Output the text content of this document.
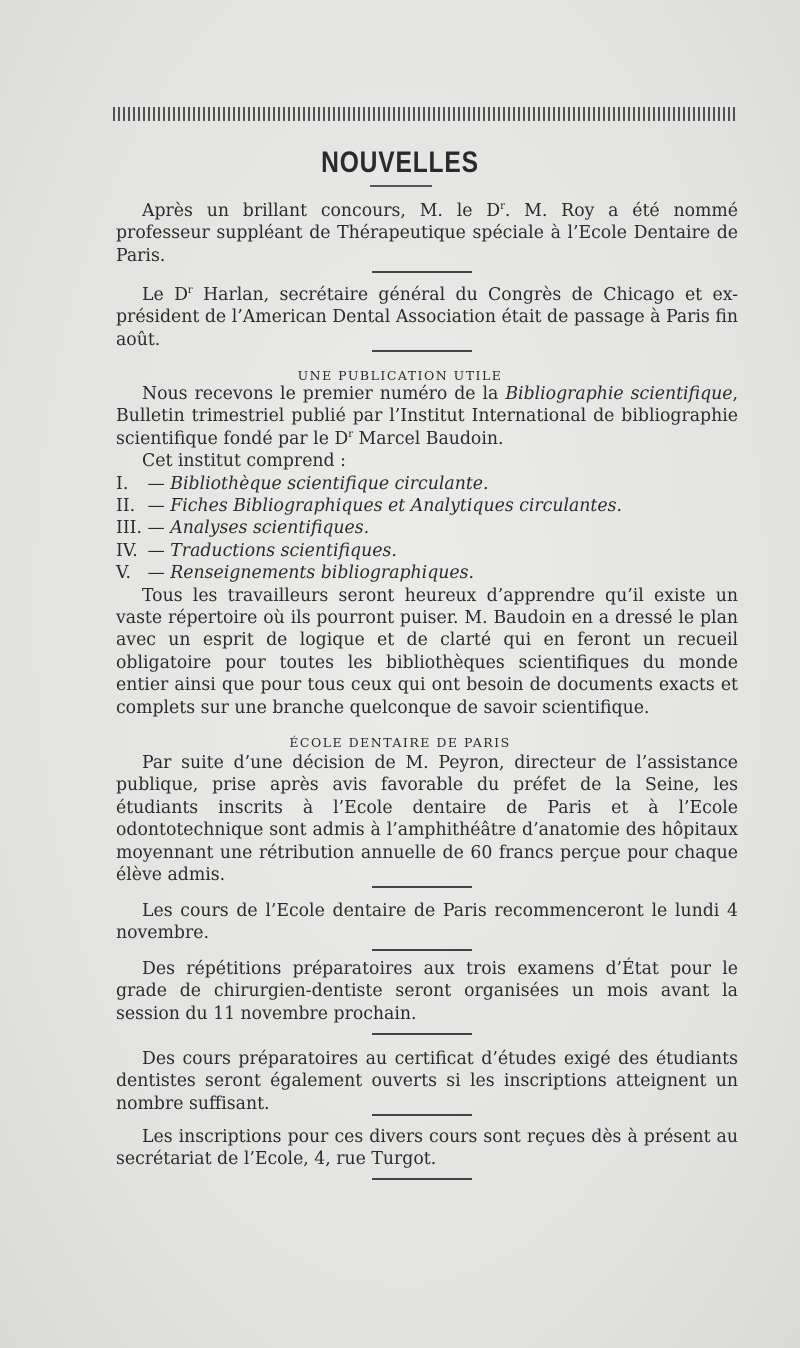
NOUVELLES

Après un brillant concours, M. le $D^r$. M. Roy a été nommé professeur suppléant de Thérapeutique spéciale à l’Ecole Dentaire de Paris.

Le $D^r$ Harlan, secrétaire général du Congrès de Chicago et ex-président de l’American Dental Association était de passage à Paris fin août.

UNE PUBLICATION UTILE

Nous recevons le premier numéro de la Bibliographie scientifique, Bulletin trimestriel publié par l’Institut International de bibliographie scientifique fondé par le $D^r$ Marcel Baudoin.

Cet institut comprend :

I. — Bibliothèque scientifique circulante.
II. — Fiches Bibliographiques et Analytiques circulantes.
III. — Analyses scientifiques.
IV. — Traductions scientifiques.
V. — Renseignements bibliographiques.

Tous les travailleurs seront heureux d’apprendre qu’il existe un vaste répertoire où ils pourront puiser. M. Baudoin en a dressé le plan avec un esprit de logique et de clarté qui en feront un recueil obligatoire pour toutes les bibliothèques scientifiques du monde entier ainsi que pour tous ceux qui ont besoin de documents exacts et complets sur une branche quelconque de savoir scientifique.

ÉCOLE DENTAIRE DE PARIS

Par suite d’une décision de M. Peyron, directeur de l’assistance publique, prise après avis favorable du préfet de la Seine, les étudiants inscrits à l’Ecole dentaire de Paris et à l’Ecole odontotechnique sont admis à l’amphithéâtre d’anatomie des hôpitaux moyennant une rétribution annuelle de 60 francs perçue pour chaque élève admis.

Les cours de l’Ecole dentaire de Paris recommenceront le lundi 4 novembre.

Des répétitions préparatoires aux trois examens d’État pour le grade de chirurgien-dentiste seront organisées un mois avant la session du 11 novembre prochain.

Des cours préparatoires au certificat d’études exigé des étudiants dentistes seront également ouverts si les inscriptions atteignent un nombre suffisant.

Les inscriptions pour ces divers cours sont reçues dès à présent au secrétariat de l’Ecole, 4, rue Turgot.
